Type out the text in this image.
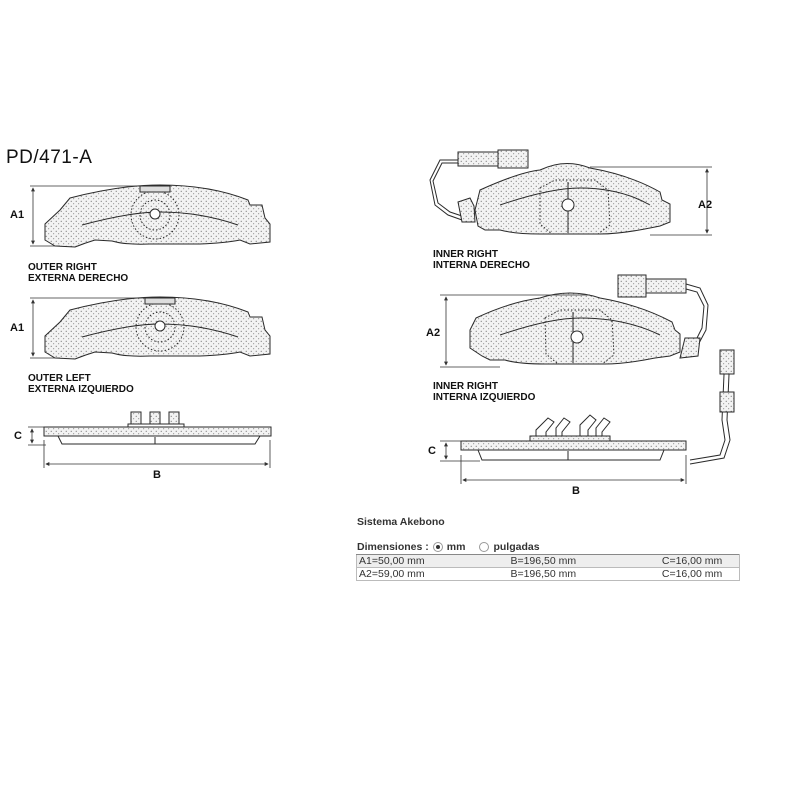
PD/471-A
A1
A1
C
B
A2
A2
C
B
OUTER RIGHT
EXTERNA DERECHO
OUTER LEFT
EXTERNA IZQUIERDO
INNER RIGHT
INTERNA DERECHO
INNER RIGHT
INTERNA IZQUIERDO
Sistema Akebono
Dimensiones : mm	pulgadas
A1=50,00 mm	B=196,50 mm	C=16,00 mm
A2=59,00 mm	B=196,50 mm	C=16,00 mm
